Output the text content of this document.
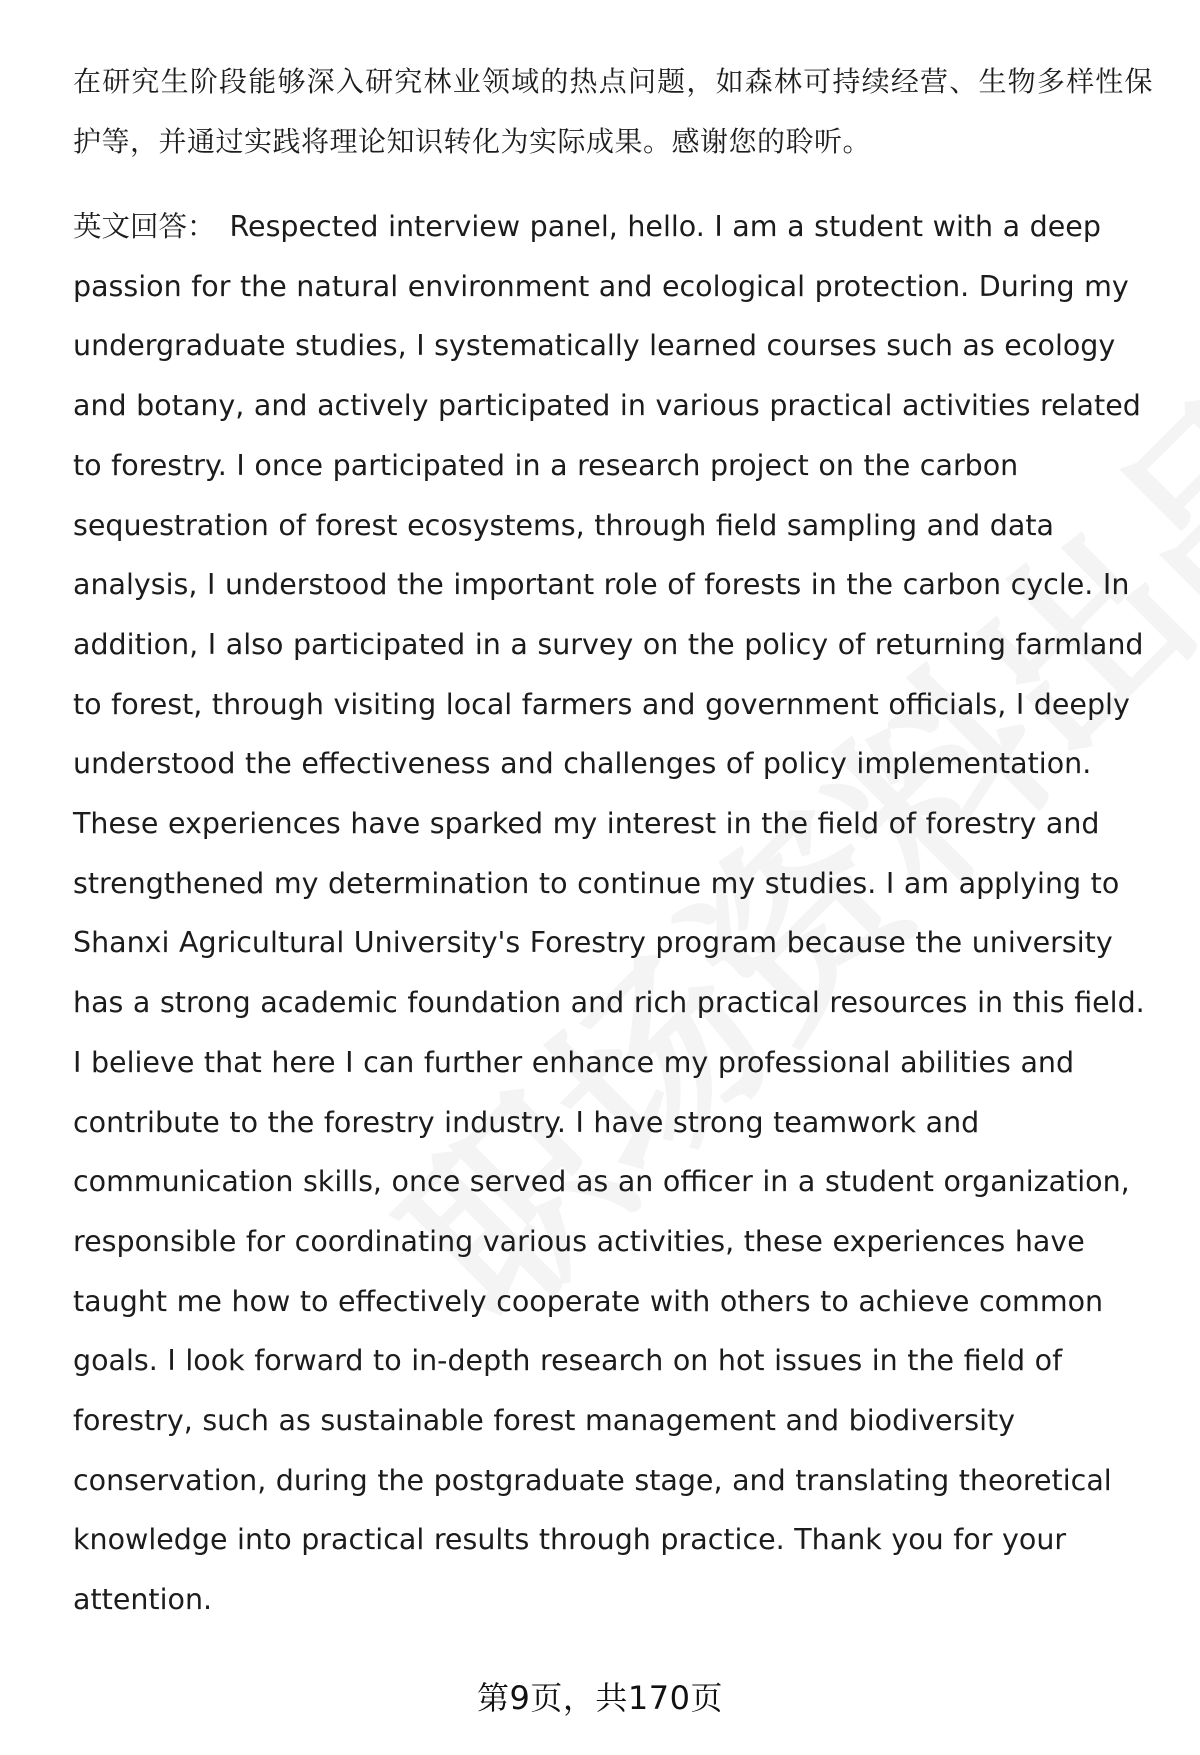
在研究生阶段能够深入研究林业领域的热点问题，如森林可持续经营、生物多样性保护等，并通过实践将理论知识转化为实际成果。感谢您的聆听。

英文回答： Respected interview panel, hello. I am a student with a deep passion for the natural environment and ecological protection. During my undergraduate studies, I systematically learned courses such as ecology and botany, and actively participated in various practical activities related to forestry. I once participated in a research project on the carbon sequestration of forest ecosystems, through field sampling and data analysis, I understood the important role of forests in the carbon cycle. In addition, I also participated in a survey on the policy of returning farmland to forest, through visiting local farmers and government officials, I deeply understood the effectiveness and challenges of policy implementation. These experiences have sparked my interest in the field of forestry and strengthened my determination to continue my studies. I am applying to Shanxi Agricultural University's Forestry program because the university has a strong academic foundation and rich practical resources in this field. I believe that here I can further enhance my professional abilities and contribute to the forestry industry. I have strong teamwork and communication skills, once served as an officer in a student organization, responsible for coordinating various activities, these experiences have taught me how to effectively cooperate with others to achieve common goals. I look forward to in-depth research on hot issues in the field of forestry, such as sustainable forest management and biodiversity conservation, during the postgraduate stage, and translating theoretical knowledge into practical results through practice. Thank you for your attention.

第9页，共170页
